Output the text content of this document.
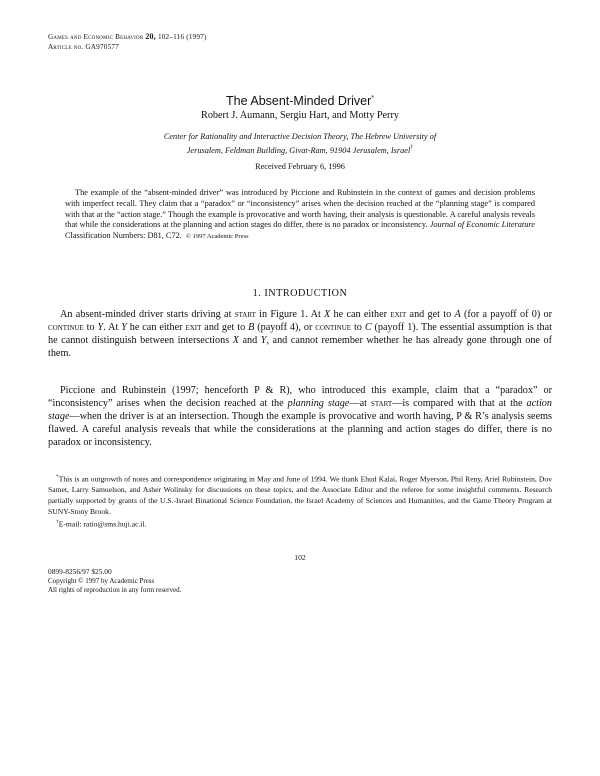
Games and Economic Behavior 20, 102–116 (1997)
Article no. GA970577
The Absent-Minded Driver*
Robert J. Aumann, Sergiu Hart, and Motty Perry
Center for Rationality and Interactive Decision Theory, The Hebrew University of
Jerusalem, Feldman Building, Givat-Ram, 91904 Jerusalem, Israel†
Received February 6, 1996
The example of the “absent-minded driver” was introduced by Piccione and Rubinstein in the context of games and decision problems with imperfect recall. They claim that a “paradox” or “inconsistency” arises when the decision reached at the “planning stage” is compared with that at the “action stage.” Though the example is provocative and worth having, their analysis is questionable. A careful analysis reveals that while the considerations at the planning and action stages do differ, there is no paradox or inconsistency. Journal of Economic Literature Classification Numbers: D81, C72. © 1997 Academic Press
1. INTRODUCTION
An absent-minded driver starts driving at start in Figure 1. At X he can either exit and get to A (for a payoff of 0) or continue to Y. At Y he can either exit and get to B (payoff 4), or continue to C (payoff 1). The essential assumption is that he cannot distinguish between intersections X and Y, and cannot remember whether he has already gone through one of them.
Piccione and Rubinstein (1997; henceforth P & R), who introduced this example, claim that a “paradox” or “inconsistency” arises when the decision reached at the planning stage—at start—is compared with that at the action stage—when the driver is at an intersection. Though the example is provocative and worth having, P & R’s analysis seems flawed. A careful analysis reveals that while the considerations at the planning and action stages do differ, there is no paradox or inconsistency.

*This is an outgrowth of notes and correspondence originating in May and June of 1994. We thank Ehud Kalai, Roger Myerson, Phil Reny, Ariel Rubinstein, Dov Samet, Larry Samuelson, and Asher Wolinsky for discussions on these topics, and the Associate Editor and the referee for some insightful comments. Research partially supported by grants of the U.S.-Israel Binational Science Foundation, the Israel Academy of Sciences and Humanities, and the Game Theory Program at SUNY-Stony Brook.

†E-mail: ratio@sms.huji.ac.il.

102
0899-8256/97 $25.00
Copyright © 1997 by Academic Press
All rights of reproduction in any form reserved.
